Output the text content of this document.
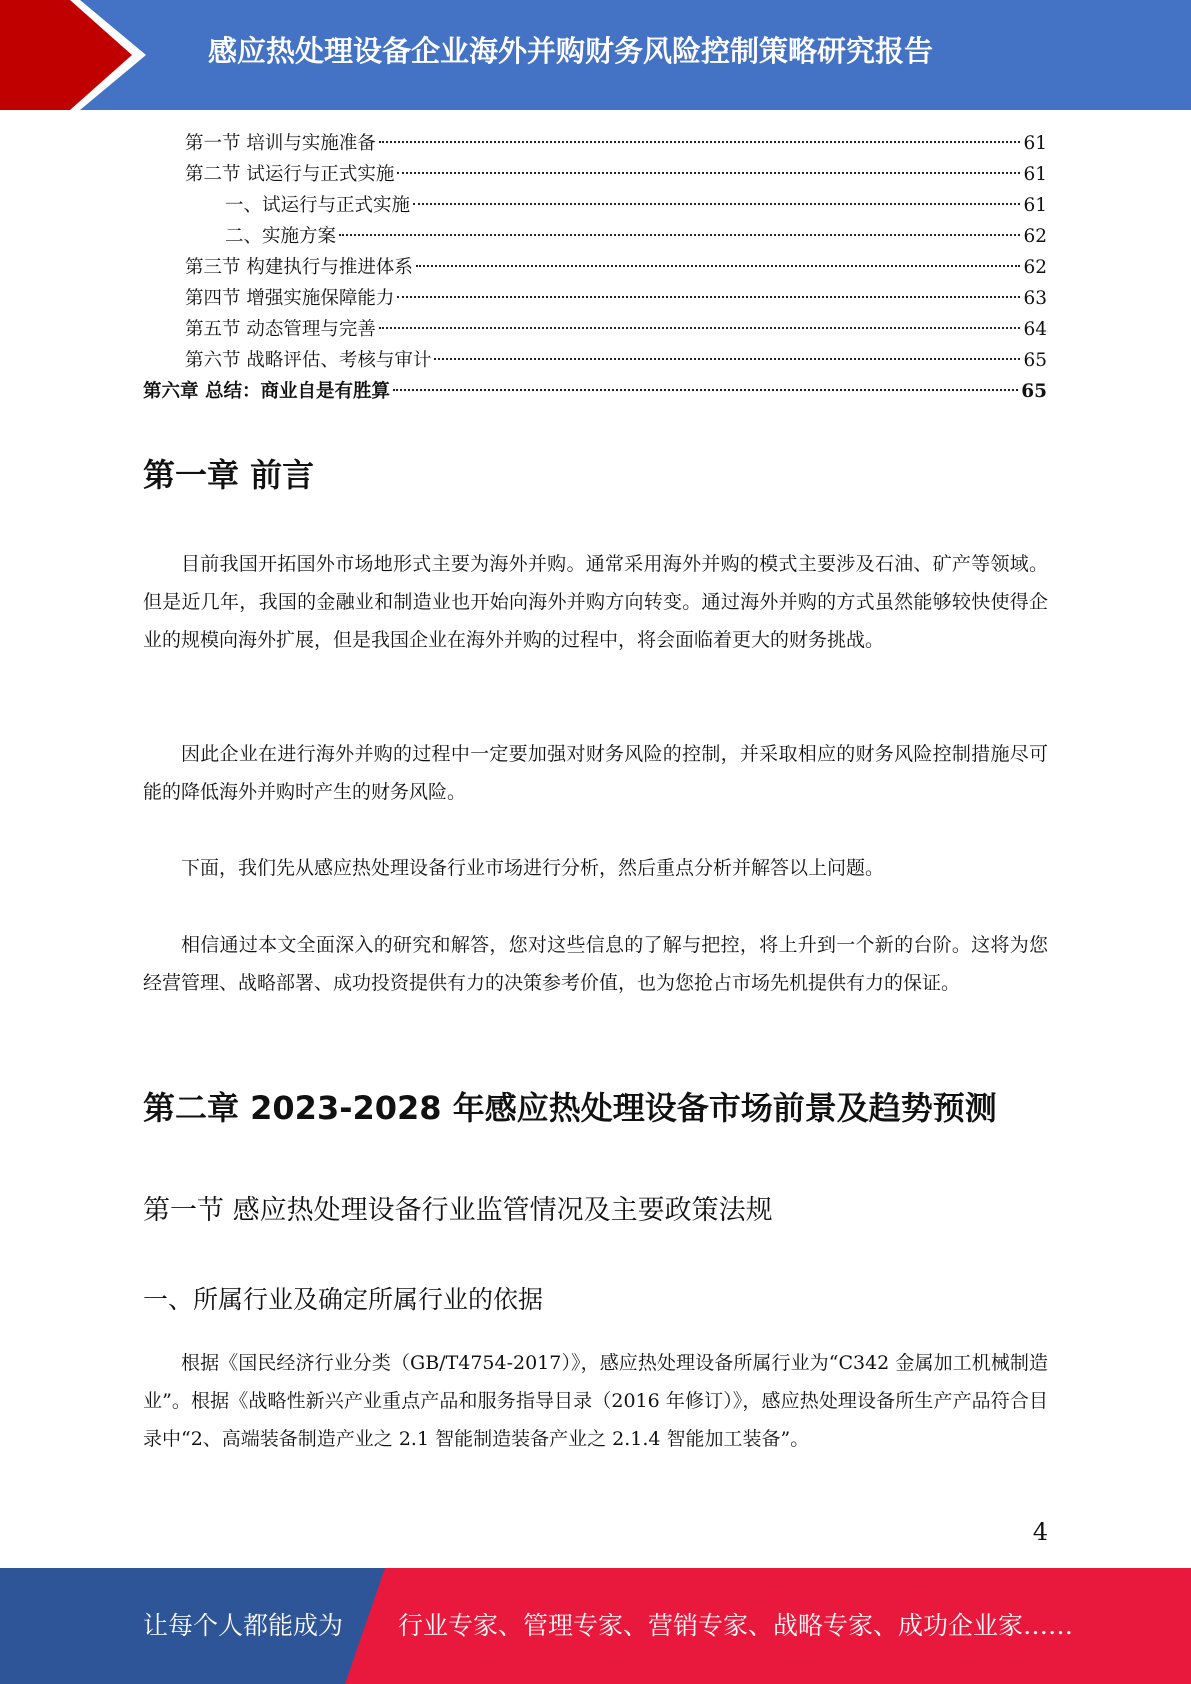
感应热处理设备企业海外并购财务风险控制策略研究报告
第一节 培训与实施准备	61
第二节 试运行与正式实施	61
一、试运行与正式实施	61
二、实施方案	62
第三节 构建执行与推进体系	62
第四节 增强实施保障能力	63
第五节 动态管理与完善	64
第六节 战略评估、考核与审计	65
第六章 总结：商业自是有胜算	65
第一章 前言

目前我国开拓国外市场地形式主要为海外并购。通常采用海外并购的模式主要涉及石油、矿产等领域。但是近几年，我国的金融业和制造业也开始向海外并购方向转变。通过海外并购的方式虽然能够较快使得企业的规模向海外扩展，但是我国企业在海外并购的过程中，将会面临着更大的财务挑战。

因此企业在进行海外并购的过程中一定要加强对财务风险的控制，并采取相应的财务风险控制措施尽可能的降低海外并购时产生的财务风险。

下面，我们先从感应热处理设备行业市场进行分析，然后重点分析并解答以上问题。

相信通过本文全面深入的研究和解答，您对这些信息的了解与把控，将上升到一个新的台阶。这将为您经营管理、战略部署、成功投资提供有力的决策参考价值，也为您抢占市场先机提供有力的保证。

第二章 2023-2028 年感应热处理设备市场前景及趋势预测
第一节 感应热处理设备行业监管情况及主要政策法规
一、所属行业及确定所属行业的依据

根据《国民经济行业分类（GB/T4754-2017）》，感应热处理设备所属行业为“C342 金属加工机械制造业”。根据《战略性新兴产业重点产品和服务指导目录（2016 年修订）》，感应热处理设备所生产产品符合目录中“2、高端装备制造产业之 2.1 智能制造装备产业之 2.1.4 智能加工装备”。

4
让每个人都能成为 行业专家、管理专家、营销专家、战略专家、成功企业家……
